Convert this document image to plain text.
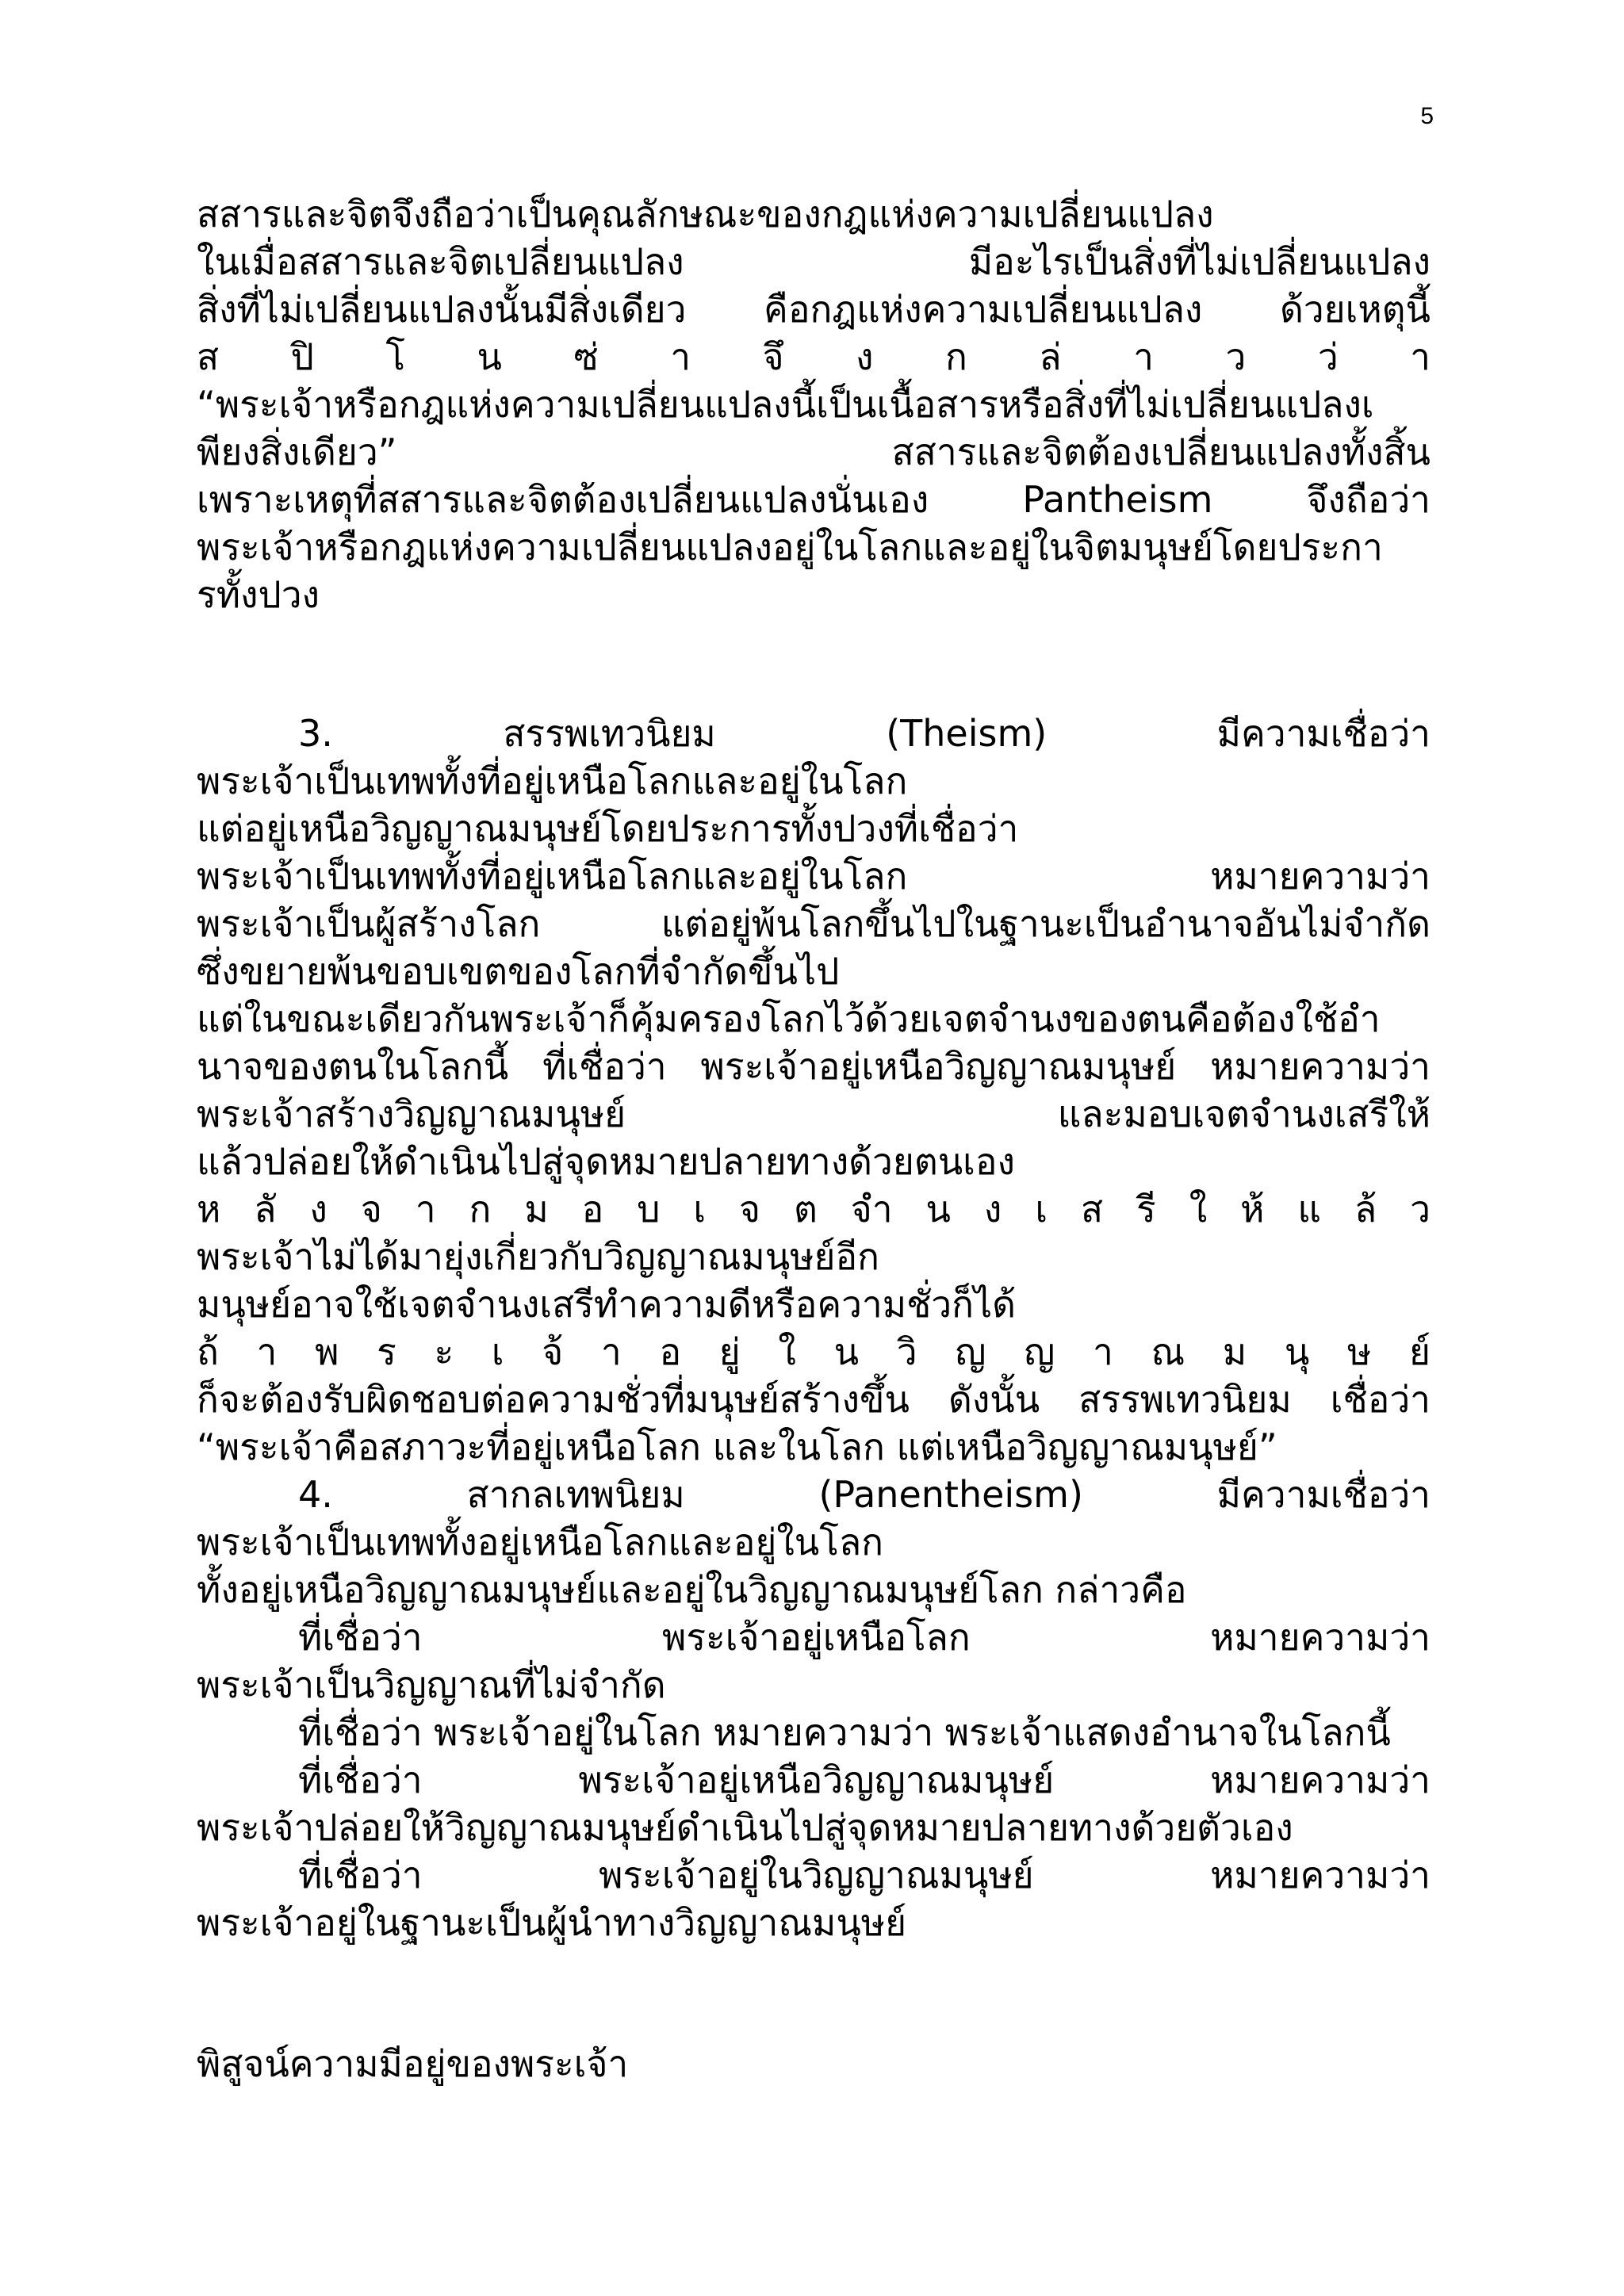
5
สสารและจิตจึงถือว่าเป็นคุณลักษณะของกฎแห่งความเปลี่ยนแปลง
ในเมื่อสสารและจิตเปลี่ยนแปลง มีอะไรเป็นสิ่งที่ไม่เปลี่ยนแปลง
สิ่งที่ไม่เปลี่ยนแปลงนั้นมีสิ่งเดียว คือกฎแห่งความเปลี่ยนแปลง ด้วยเหตุนี้
ส ปิ โ น ซ่ า จึ ง ก ล่ า ว ว่ า
“พระเจ้าหรือกฎแห่งความเปลี่ยนแปลงนี้เป็นเนื้อสารหรือสิ่งที่ไม่เปลี่ยนแปลงเ
พียงสิ่งเดียว” สสารและจิตต้องเปลี่ยนแปลงทั้งสิ้น
เพราะเหตุที่สสารและจิตต้องเปลี่ยนแปลงนั่นเอง Pantheism จึงถือว่า
พระเจ้าหรือกฎแห่งความเปลี่ยนแปลงอยู่ในโลกและอยู่ในจิตมนุษย์โดยประกา
รทั้งปวง
3. สรรพเทวนิยม (Theism) มีความเชื่อว่า
พระเจ้าเป็นเทพทั้งที่อยู่เหนือโลกและอยู่ในโลก
แต่อยู่เหนือวิญญาณมนุษย์โดยประการทั้งปวงที่เชื่อว่า
พระเจ้าเป็นเทพทั้งที่อยู่เหนือโลกและอยู่ในโลก หมายความว่า
พระเจ้าเป็นผู้สร้างโลก แต่อยู่พ้นโลกขึ้นไปในฐานะเป็นอำนาจอันไม่จำกัด
ซึ่งขยายพ้นขอบเขตของโลกที่จำกัดขึ้นไป
แต่ในขณะเดียวกันพระเจ้าก็คุ้มครองโลกไว้ด้วยเจตจำนงของตนคือต้องใช้อำ
นาจของตนในโลกนี้ ที่เชื่อว่า พระเจ้าอยู่เหนือวิญญาณมนุษย์ หมายความว่า
พระเจ้าสร้างวิญญาณมนุษย์ และมอบเจตจำนงเสรีให้
แล้วปล่อยให้ดำเนินไปสู่จุดหมายปลายทางด้วยตนเอง
ห ลั ง จ า ก ม อ บ เ จ ต จำ น ง เ ส รี ใ ห้ แ ล้ ว
พระเจ้าไม่ได้มายุ่งเกี่ยวกับวิญญาณมนุษย์อีก
มนุษย์อาจใช้เจตจำนงเสรีทำความดีหรือความชั่วก็ได้
ถ้ า พ ร ะ เ จ้ า อ ยู่ ใ น วิ ญ ญ า ณ ม นุ ษ ย์
ก็จะต้องรับผิดชอบต่อความชั่วที่มนุษย์สร้างขึ้น ดังนั้น สรรพเทวนิยม เชื่อว่า
“พระเจ้าคือสภาวะที่อยู่เหนือโลก และในโลก แต่เหนือวิญญาณมนุษย์”
4. สากลเทพนิยม (Panentheism) มีความเชื่อว่า
พระเจ้าเป็นเทพทั้งอยู่เหนือโลกและอยู่ในโลก
ทั้งอยู่เหนือวิญญาณมนุษย์และอยู่ในวิญญาณมนุษย์โลก กล่าวคือ
ที่เชื่อว่า พระเจ้าอยู่เหนือโลก หมายความว่า
พระเจ้าเป็นวิญญาณที่ไม่จำกัด
ที่เชื่อว่า พระเจ้าอยู่ในโลก หมายความว่า พระเจ้าแสดงอำนาจในโลกนี้
ที่เชื่อว่า พระเจ้าอยู่เหนือวิญญาณมนุษย์ หมายความว่า
พระเจ้าปล่อยให้วิญญาณมนุษย์ดำเนินไปสู่จุดหมายปลายทางด้วยตัวเอง
ที่เชื่อว่า พระเจ้าอยู่ในวิญญาณมนุษย์ หมายความว่า
พระเจ้าอยู่ในฐานะเป็นผู้นำทางวิญญาณมนุษย์
พิสูจน์ความมีอยู่ของพระเจ้า
